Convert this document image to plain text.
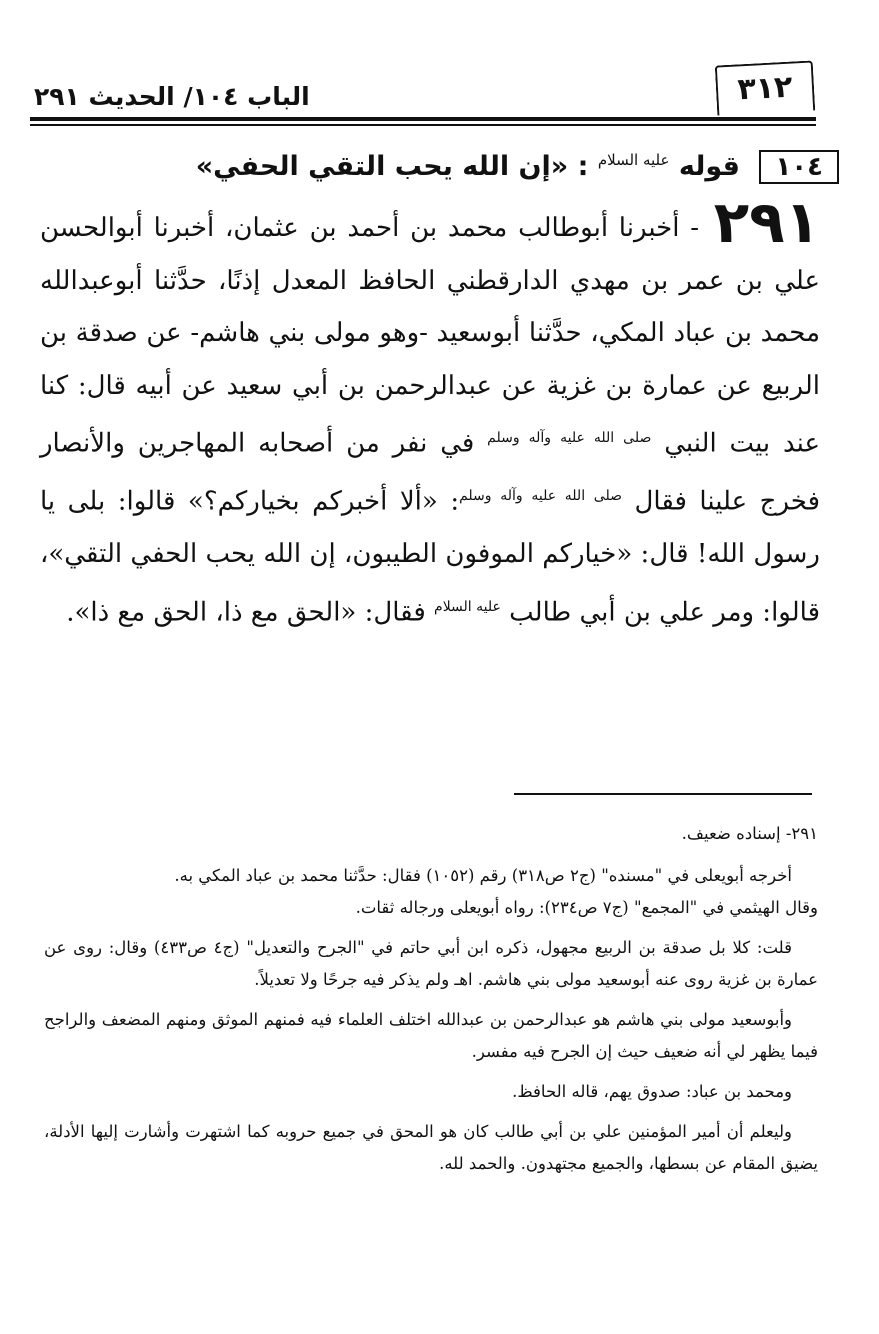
الباب ١٠٤/ الحديث ٢٩١	٣١٢
١٠٤ قوله $^{عليه السلام}$ : «إن الله يحب التقي الحفي»
٢٩١ - أخبرنا أبوطالب محمد بن أحمد بن عثمان، أخبرنا أبوالحسن علي بن عمر بن مهدي الدارقطني الحافظ المعدل إذنًا، حدَّثنا أبوعبدالله محمد بن عباد المكي، حدَّثنا أبوسعيد -وهو مولى بني هاشم- عن صدقة بن الربيع عن عمارة بن غزية عن عبدالرحمن بن أبي سعيد عن أبيه قال: كنا عند بيت النبي $^{صلى الله عليه وآله وسلم}$ في نفر من أصحابه المهاجرين والأنصار فخرج علينا فقال $^{صلى الله عليه وآله وسلم}$: «ألا أخبركم بخياركم؟» قالوا: بلى يا رسول الله! قال: «خياركم الموفون الطيبون، إن الله يحب الحفي التقي»، قالوا: ومر علي بن أبي طالب $^{عليه السلام}$ فقال: «الحق مع ذا، الحق مع ذا».

٢٩١- إسناده ضعيف.

أخرجه أبويعلى في "مسنده" (ج٢ ص٣١٨) رقم (١٠٥٢) فقال: حدَّثنا محمد بن عباد المكي به.
وقال الهيثمي في "المجمع" (ج٧ ص٢٣٤): رواه أبويعلى ورجاله ثقات.

قلت: كلا بل صدقة بن الربيع مجهول، ذكره ابن أبي حاتم في "الجرح والتعديل" (ج٤ ص٤٣٣) وقال: روى عن عمارة بن غزية روى عنه أبوسعيد مولى بني هاشم. اهـ ولم يذكر فيه جرحًا ولا تعديلاً.

وأبوسعيد مولى بني هاشم هو عبدالرحمن بن عبدالله اختلف العلماء فيه فمنهم الموثق ومنهم المضعف والراجح فيما يظهر لي أنه ضعيف حيث إن الجرح فيه مفسر.

ومحمد بن عباد: صدوق يهم، قاله الحافظ.

وليعلم أن أمير المؤمنين علي بن أبي طالب كان هو المحق في جميع حروبه كما اشتهرت وأشارت إليها الأدلة، يضيق المقام عن بسطها، والجميع مجتهدون. والحمد لله.
